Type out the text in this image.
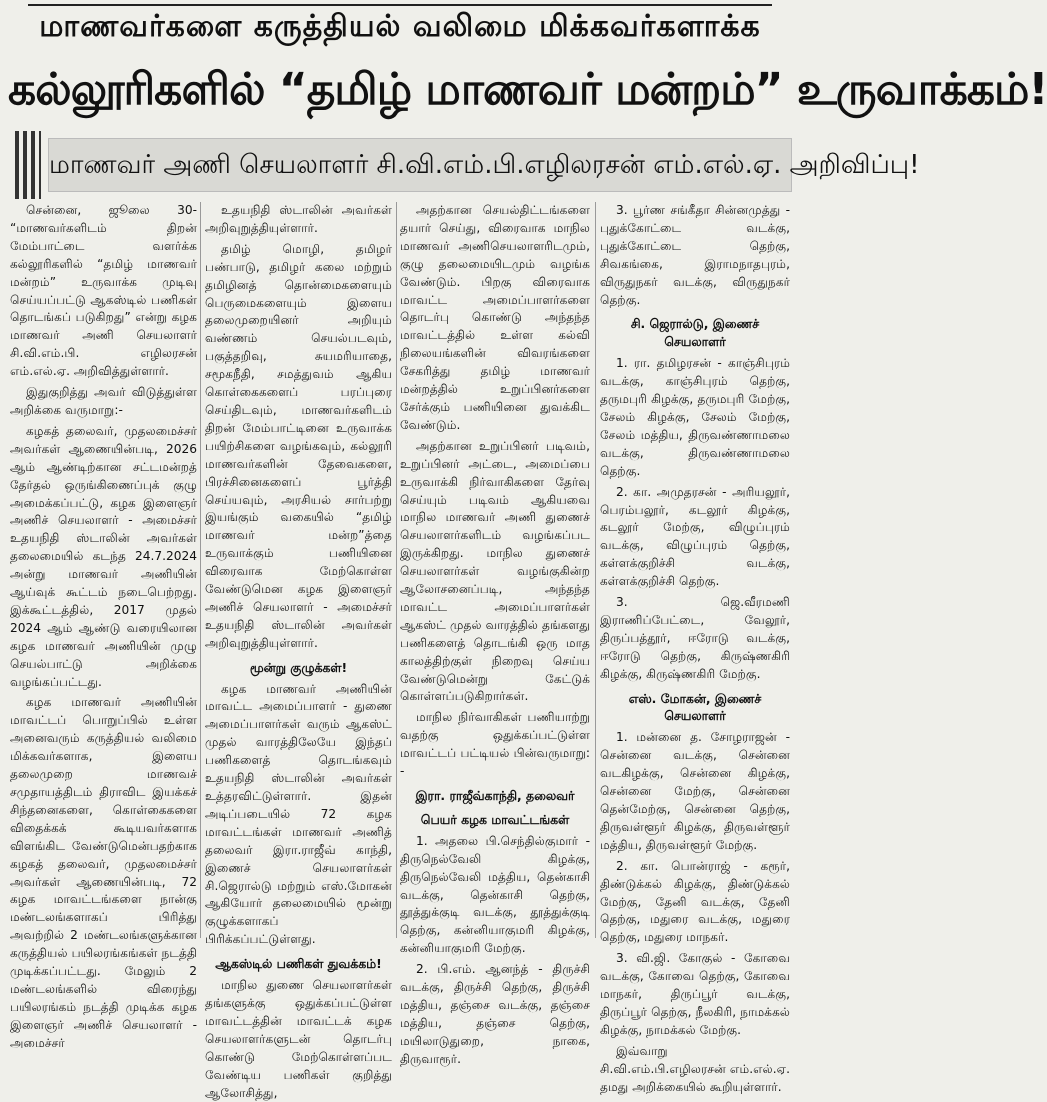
மாணவர்களை கருத்தியல் வலிமை மிக்கவர்களாக்க
கல்லூரிகளில் “தமிழ் மாணவர் மன்றம்” உருவாக்கம்!
மாணவர் அணி செயலாளர் சி.வி.எம்.பி.எழிலரசன் எம்.எல்.ஏ. அறிவிப்பு!

சென்னை, ஜூலை 30- “மாணவர்களிடம் திறன் மேம்பாட்டை வளர்க்க கல்லூரிகளில் “தமிழ் மாணவர் மன்றம்” உருவாக்க முடிவு செய்யப்பட்டு ஆகஸ்டில் பணிகள் தொடங்கப் படுகிறது” என்று கழக மாணவர் அணி செயலாளர் சி.வி.எம்.பி. எழிலரசன் எம்.எல்.ஏ. அறிவித்துள்ளார்.

இதுகுறித்து அவர் விடுத்துள்ள அறிக்கை வருமாறு:-

கழகத் தலைவர், முதலமைச்சர் அவர்கள் ஆணையின்படி, 2026 ஆம் ஆண்டிற்கான சட்டமன்றத் தேர்தல் ஒருங்கிணைப்புக் குழு அமைக்கப்பட்டு, கழக இளைஞர் அணிச் செயலாளர் - அமைச்சர் உதயநிதி ஸ்டாலின் அவர்கள் தலைமையில் கடந்த 24.7.2024 அன்று மாணவர் அணியின் ஆய்வுக் கூட்டம் நடைபெற்றது. இக்கூட்டத்தில், 2017 முதல் 2024 ஆம் ஆண்டு வரையிலான கழக மாணவர் அணியின் முழு செயல்பாட்டு அறிக்கை வழங்கப்பட்டது.

கழக மாணவர் அணியின் மாவட்டப் பொறுப்பில் உள்ள அனைவரும் கருத்தியல் வலிமை மிக்கவர்களாக, இளைய தலைமுறை மாணவச் சமுதாயத்திடம் திராவிட இயக்கச் சிந்தனைகளை, கொள்கைகளை விதைக்கக் கூடியவர்களாக விளங்கிட வேண்டுமென்பதற்காக கழகத் தலைவர், முதலமைச்சர் அவர்கள் ஆணையின்படி, 72 கழக மாவட்டங்களை நான்கு மண்டலங்களாகப் பிரித்து அவற்றில் 2 மண்டலங்களுக்கான கருத்தியல் பயிலரங்கங்கள் நடத்தி முடிக்கப்பட்டது. மேலும் 2 மண்டலங்களில் விரைந்து பயிலரங்கம் நடத்தி முடிக்க கழக இளைஞர் அணிச் செயலாளர் - அமைச்சர்

உதயநிதி ஸ்டாலின் அவர்கள் அறிவுறுத்தியுள்ளார்.

தமிழ் மொழி, தமிழர் பண்பாடு, தமிழர் கலை மற்றும் தமிழினத் தொன்மைகளையும் பெருமைகளையும் இளைய தலைமுறையினர் அறியும் வண்ணம் செயல்படவும், பகுத்தறிவு, சுயமரியாதை, சமூகநீதி, சமத்துவம் ஆகிய கொள்கைகளைப் பரப்புரை செய்திடவும், மாணவர்களிடம் திறன் மேம்பாட்டினை உருவாக்க பயிற்சிகளை வழங்கவும், கல்லூரி மாணவர்களின் தேவைகளை, பிரச்சினைகளைப் பூர்த்தி செய்யவும், அரசியல் சார்பற்று இயங்கும் வகையில் “தமிழ் மாணவர் மன்ற”த்தை உருவாக்கும் பணியினை விரைவாக மேற்கொள்ள வேண்டுமென கழக இளைஞர் அணிச் செயலாளர் - அமைச்சர் உதயநிதி ஸ்டாலின் அவர்கள் அறிவுறுத்தியுள்ளார்.

மூன்று குழுக்கள்!

கழக மாணவர் அணியின் மாவட்ட அமைப்பாளர் - துணை அமைப்பாளர்கள் வரும் ஆகஸ்ட் முதல் வாரத்திலேயே இந்தப் பணிகளைத் தொடங்கவும் உதயநிதி ஸ்டாலின் அவர்கள் உத்தரவிட்டுள்ளார். இதன் அடிப்படையில் 72 கழக மாவட்டங்கள் மாணவர் அணித் தலைவர் இரா.ராஜீவ் காந்தி, இணைச் செயலாளர்கள் சி.ஜெரால்டு மற்றும் எஸ்.மோகன் ஆகியோர் தலைமையில் மூன்று குழுக்களாகப் பிரிக்கப்பட்டுள்ளது.

ஆகஸ்டில் பணிகள் துவக்கம்!

மாநில துணை செயலாளர்கள் தங்களுக்கு ஒதுக்கப்பட்டுள்ள மாவட்டத்தின் மாவட்டக் கழக செயலாளர்களுடன் தொடர்பு கொண்டு மேற்கொள்ளப்பட வேண்டிய பணிகள் குறித்து ஆலோசித்து,

அதற்கான செயல்திட்டங்களை தயார் செய்து, விரைவாக மாநில மாணவர் அணிசெயலாளரிடமும், குழு தலைமையிடமும் வழங்க வேண்டும். பிறகு விரைவாக மாவட்ட அமைப்பாளர்களை தொடர்பு கொண்டு அந்தந்த மாவட்டத்தில் உள்ள கல்வி நிலையங்களின் விவரங்களை சேகரித்து தமிழ் மாணவர் மன்றத்தில் உறுப்பினர்களை சேர்க்கும் பணியினை துவக்கிட வேண்டும்.

அதற்கான உறுப்பினர் படிவம், உறுப்பினர் அட்டை, அமைப்பை உருவாக்கி நிர்வாகிகளை தேர்வு செய்யும் படிவம் ஆகியவை மாநில மாணவர் அணி துணைச் செயலாளர்களிடம் வழங்கப்பட இருக்கிறது. மாநில துணைச் செயலாளர்கள் வழங்குகின்ற ஆலோசனைப்படி, அந்தந்த மாவட்ட அமைப்பாளர்கள் ஆகஸ்ட் முதல் வாரத்தில் தங்களது பணிகளைத் தொடங்கி ஒரு மாத காலத்திற்குள் நிறைவு செய்ய வேண்டுமென்று கேட்டுக் கொள்ளப்படுகிறார்கள்.

மாநில நிர்வாகிகள் பணியாற்று வதற்கு ஒதுக்கப்பட்டுள்ள மாவட்டப் பட்டியல் பின்வருமாறு: -

இரா. ராஜீவ்காந்தி, தலைவர்
பெயர் கழக மாவட்டங்கள்

1. அதலை பி.செந்தில்குமார் - திருநெல்வேலி கிழக்கு, திருநெல்வேலி மத்திய, தென்காசி வடக்கு, தென்காசி தெற்கு, தூத்துக்குடி வடக்கு, தூத்துக்குடி தெற்கு, கன்னியாகுமரி கிழக்கு, கன்னியாகுமரி மேற்கு.

2. பி.எம். ஆனந்த் - திருச்சி வடக்கு, திருச்சி தெற்கு, திருச்சி மத்திய, தஞ்சை வடக்கு, தஞ்சை மத்திய, தஞ்சை தெற்கு, மயிலாடுதுறை, நாகை, திருவாரூர்.

3. பூர்ண சங்கீதா சின்னமுத்து - புதுக்கோட்டை வடக்கு, புதுக்கோட்டை தெற்கு, சிவகங்கை, இராமநாதபுரம், விருதுநகர் வடக்கு, விருதுநகர் தெற்கு.

சி. ஜெரால்டு, இணைச் செயலாளர்

1. ரா. தமிழரசன் - காஞ்சிபுரம் வடக்கு, காஞ்சிபுரம் தெற்கு, தருமபுரி கிழக்கு, தருமபுரி மேற்கு, சேலம் கிழக்கு, சேலம் மேற்கு, சேலம் மத்திய, திருவண்ணாமலை வடக்கு, திருவண்ணாமலை தெற்கு.

2. கா. அமுதரசன் - அரியலூர், பெரம்பலூர், கடலூர் கிழக்கு, கடலூர் மேற்கு, விழுப்புரம் வடக்கு, விழுப்புரம் தெற்கு, கள்ளக்குறிச்சி வடக்கு, கள்ளக்குறிச்சி தெற்கு.

3. ஜெ.வீரமணி இராணிப்பேட்டை, வேலூர், திருப்பத்தூர், ஈரோடு வடக்கு, ஈரோடு தெற்கு, கிருஷ்ணகிரி கிழக்கு, கிருஷ்ணகிரி மேற்கு.

எஸ். மோகன், இணைச் செயலாளர்

1. மன்னை த. சோழராஜன் - சென்னை வடக்கு, சென்னை வடகிழக்கு, சென்னை கிழக்கு, சென்னை மேற்கு, சென்னை தென்மேற்கு, சென்னை தெற்கு, திருவள்ளூர் கிழக்கு, திருவள்ளூர் மத்திய, திருவள்ளூர் மேற்கு.

2. கா. பொன்ராஜ் - கரூர், திண்டுக்கல் கிழக்கு, திண்டுக்கல் மேற்கு, தேனி வடக்கு, தேனி தெற்கு, மதுரை வடக்கு, மதுரை தெற்கு, மதுரை மாநகர்.

3. வி.ஜி. கோகுல் - கோவை வடக்கு, கோவை தெற்கு, கோவை மாநகர், திருப்பூர் வடக்கு, திருப்பூர் தெற்கு, நீலகிரி, நாமக்கல் கிழக்கு, நாமக்கல் மேற்கு.

இவ்வாறு சி.வி.எம்.பி.எழிலரசன் எம்.எல்.ஏ. தமது அறிக்கையில் கூறியுள்ளார்.
